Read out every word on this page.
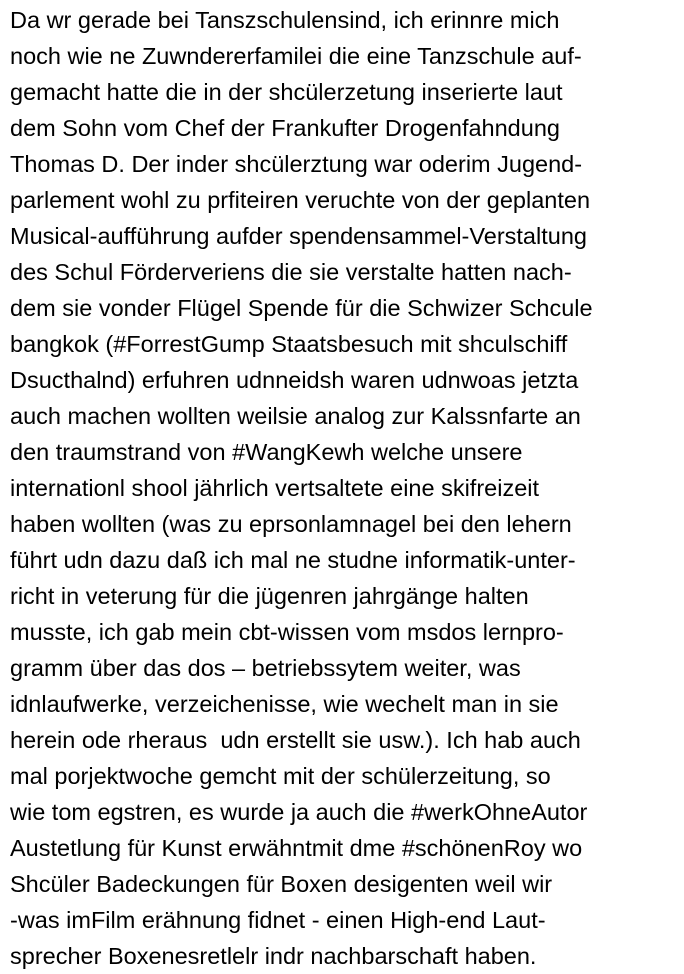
Da wr gerade bei Tanszschulensind, ich erinnre mich
noch wie ne Zuwndererfamilei die eine Tanzschule auf-
gemacht hatte die in der shcülerzetung inserierte laut
dem Sohn vom Chef der Frankufter Drogenfahndung
Thomas D. Der inder shcülerztung war oderim Jugend-
parlement wohl zu prfiteiren veruchte von der geplanten
Musical-aufführung aufder spendensammel-Verstaltung
des Schul Förderveriens die sie verstalte hatten nach-
dem sie vonder Flügel Spende für die Schwizer Schcule
bangkok (#ForrestGump Staatsbesuch mit shculschiff
Dsucthalnd) erfuhren udnneidsh waren udnwoas jetzta
auch machen wollten weilsie analog zur Kalssnfarte an
den traumstrand von #WangKewh welche unsere
internationl shool jährlich vertsaltete eine skifreizeit
haben wollten (was zu eprsonlamnagel bei den lehern
führt udn dazu daß ich mal ne studne informatik-unter-
richt in veterung für die jügenren jahrgänge halten
musste, ich gab mein cbt-wissen vom msdos lernpro-
gramm über das dos – betriebssytem weiter, was
idnlaufwerke, verzeichenisse, wie wechelt man in sie
herein ode rheraus  udn erstellt sie usw.). Ich hab auch
mal porjektwoche gemcht mit der schülerzeitung, so
wie tom egstren, es wurde ja auch die #werkOhneAutor
Austetlung für Kunst erwähntmit dme #schönenRoy wo
Shcüler Badeckungen für Boxen desigenten weil wir
-was imFilm erähnung fidnet - einen High-end Laut-
sprecher Boxenesretlelr indr nachbarschaft haben.
